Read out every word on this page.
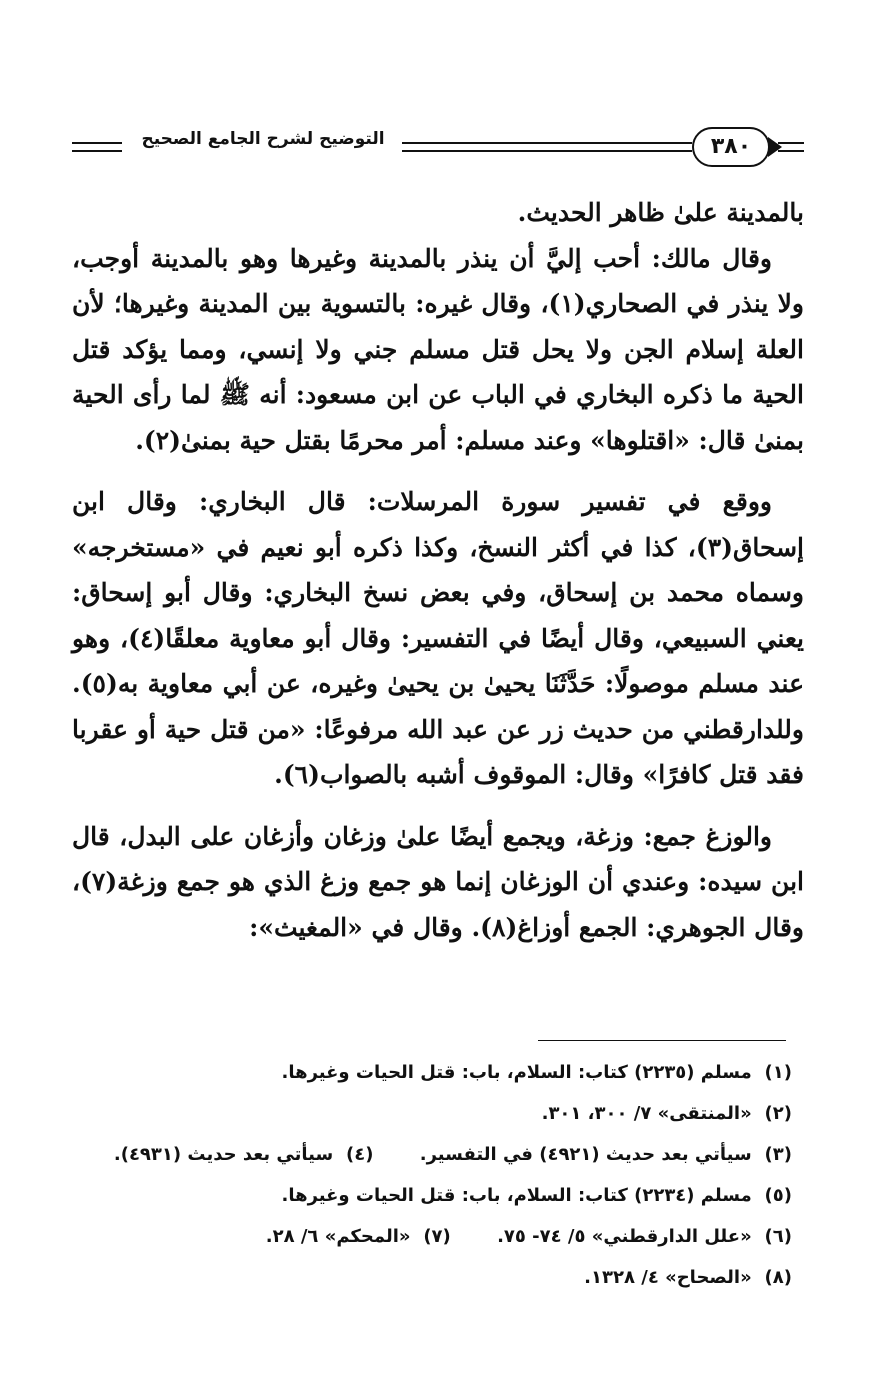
التوضيح لشرح الجامع الصحيح	٣٨٠

بالمدينة علىٰ ظاهر الحديث.

وقال مالك: أحب إليَّ أن ينذر بالمدينة وغيرها وهو بالمدينة أوجب، ولا ينذر في الصحاري(١)، وقال غيره: بالتسوية بين المدينة وغيرها؛ لأن العلة إسلام الجن ولا يحل قتل مسلم جني ولا إنسي، ومما يؤكد قتل الحية ما ذكره البخاري في الباب عن ابن مسعود: أنه ﷺ لما رأى الحية بمنىٰ قال: «اقتلوها» وعند مسلم: أمر محرمًا بقتل حية بمنىٰ(٢).

ووقع في تفسير سورة المرسلات: قال البخاري: وقال ابن إسحاق(٣)، كذا في أكثر النسخ، وكذا ذكره أبو نعيم في «مستخرجه» وسماه محمد بن إسحاق، وفي بعض نسخ البخاري: وقال أبو إسحاق: يعني السبيعي، وقال أيضًا في التفسير: وقال أبو معاوية معلقًا(٤)، وهو عند مسلم موصولًا: حَدَّثَنَا يحيىٰ بن يحيىٰ وغيره، عن أبي معاوية به(٥). وللدارقطني من حديث زر عن عبد الله مرفوعًا: «من قتل حية أو عقربا فقد قتل كافرًا» وقال: الموقوف أشبه بالصواب(٦).

والوزغ جمع: وزغة، ويجمع أيضًا علىٰ وزغان وأزغان على البدل، قال ابن سيده: وعندي أن الوزغان إنما هو جمع وزغ الذي هو جمع وزغة(٧)، وقال الجوهري: الجمع أوزاغ(٨). وقال في «المغيث»:

(١) مسلم (٢٢٣٥) كتاب: السلام، باب: قتل الحيات وغيرها.
(٢) «المنتقى» ٧/ ٣٠٠، ٣٠١.
(٣) سيأتي بعد حديث (٤٩٢١) في التفسير. (٤) سيأتي بعد حديث (٤٩٣١).
(٥) مسلم (٢٢٣٤) كتاب: السلام، باب: قتل الحيات وغيرها.
(٦) «علل الدارقطني» ٥/ ٧٤- ٧٥. (٧) «المحكم» ٦/ ٢٨.
(٨) «الصحاح» ٤/ ١٣٢٨.
